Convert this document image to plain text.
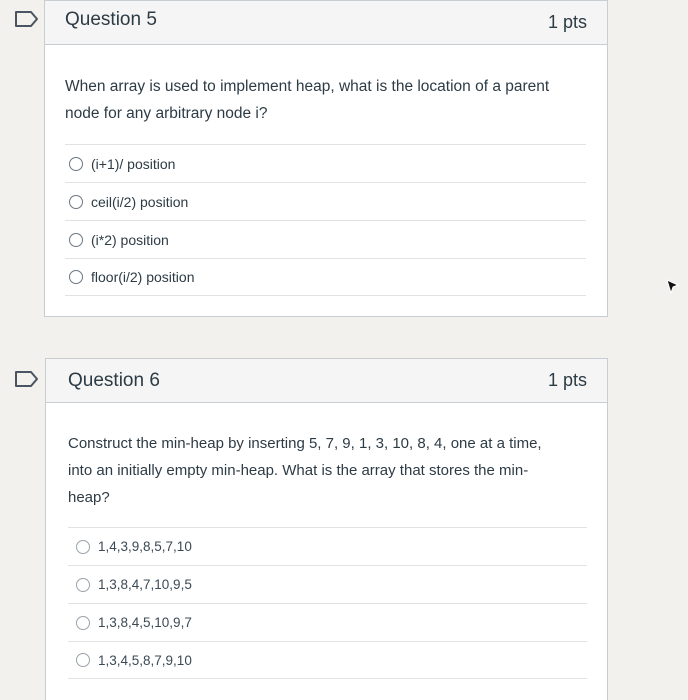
Question 5	1 pts
When array is used to implement heap, what is the location of a parent
node for any arbitrary node i?
(i+1)/ position
ceil(i/2) position
(i*2) position
floor(i/2) position
Question 6	1 pts
Construct the min-heap by inserting 5, 7, 9, 1, 3, 10, 8, 4, one at a time,
into an initially empty min-heap. What is the array that stores the min-
heap?
1,4,3,9,8,5,7,10
1,3,8,4,7,10,9,5
1,3,8,4,5,10,9,7
1,3,4,5,8,7,9,10
